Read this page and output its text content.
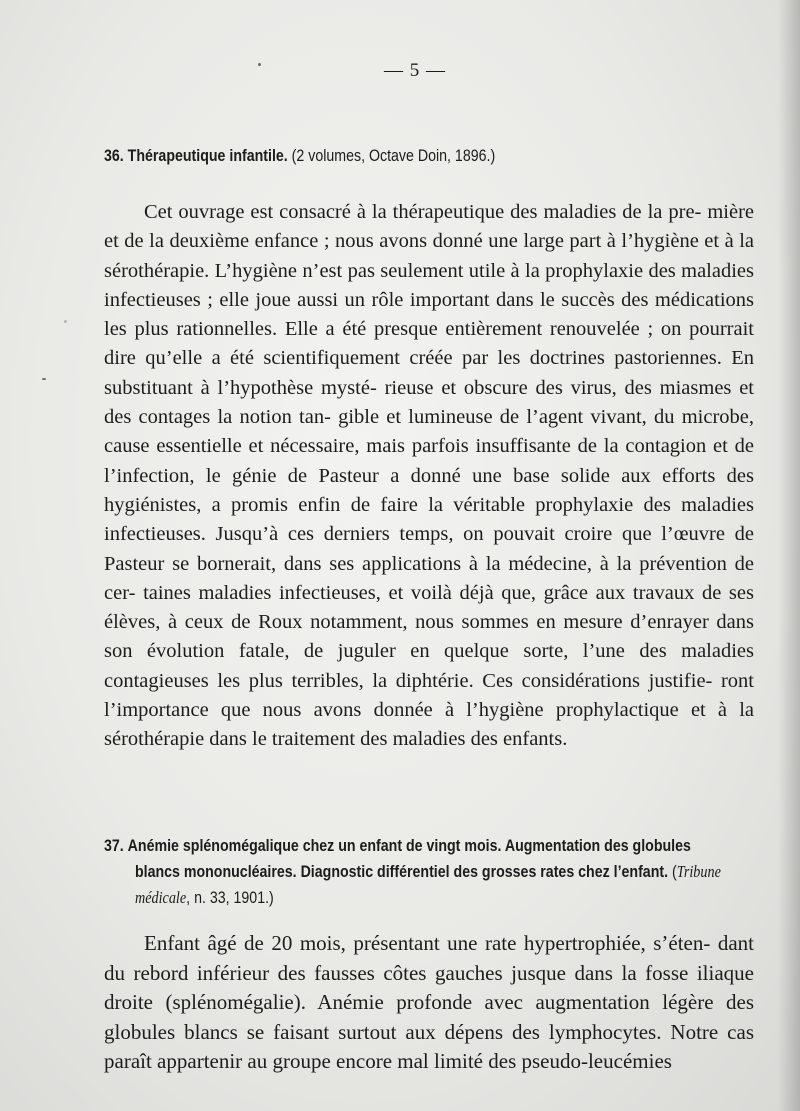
— 5 —
36. Thérapeutique infantile. (2 volumes, Octave Doin, 1896.)

Cet ouvrage est consacré à la thérapeutique des maladies de la pre- mière et de la deuxième enfance ; nous avons donné une large part à l’hygiène et à la sérothérapie. L’hygiène n’est pas seulement utile à la prophylaxie des maladies infectieuses ; elle joue aussi un rôle important dans le succès des médications les plus rationnelles. Elle a été presque entièrement renouvelée ; on pourrait dire qu’elle a été scientifiquement créée par les doctrines pastoriennes. En substituant à l’hypothèse mysté- rieuse et obscure des virus, des miasmes et des contages la notion tan- gible et lumineuse de l’agent vivant, du microbe, cause essentielle et nécessaire, mais parfois insuffisante de la contagion et de l’infection, le génie de Pasteur a donné une base solide aux efforts des hygiénistes, a promis enfin de faire la véritable prophylaxie des maladies infectieuses. Jusqu’à ces derniers temps, on pouvait croire que l’œuvre de Pasteur se bornerait, dans ses applications à la médecine, à la prévention de cer- taines maladies infectieuses, et voilà déjà que, grâce aux travaux de ses élèves, à ceux de Roux notamment, nous sommes en mesure d’enrayer dans son évolution fatale, de juguler en quelque sorte, l’une des maladies contagieuses les plus terribles, la diphtérie. Ces considérations justifie- ront l’importance que nous avons donnée à l’hygiène prophylactique et à la sérothérapie dans le traitement des maladies des enfants.

37. Anémie splénomégalique chez un enfant de vingt mois. Augmentation des globules
blancs mononucléaires. Diagnostic différentiel des grosses rates chez l’enfant. (Tribune médicale, n. 33, 1901.)

Enfant âgé de 20 mois, présentant une rate hypertrophiée, s’éten- dant du rebord inférieur des fausses côtes gauches jusque dans la fosse iliaque droite (splénomégalie). Anémie profonde avec augmentation légère des globules blancs se faisant surtout aux dépens des lymphocytes. Notre cas paraît appartenir au groupe encore mal limité des pseudo-leucémies
